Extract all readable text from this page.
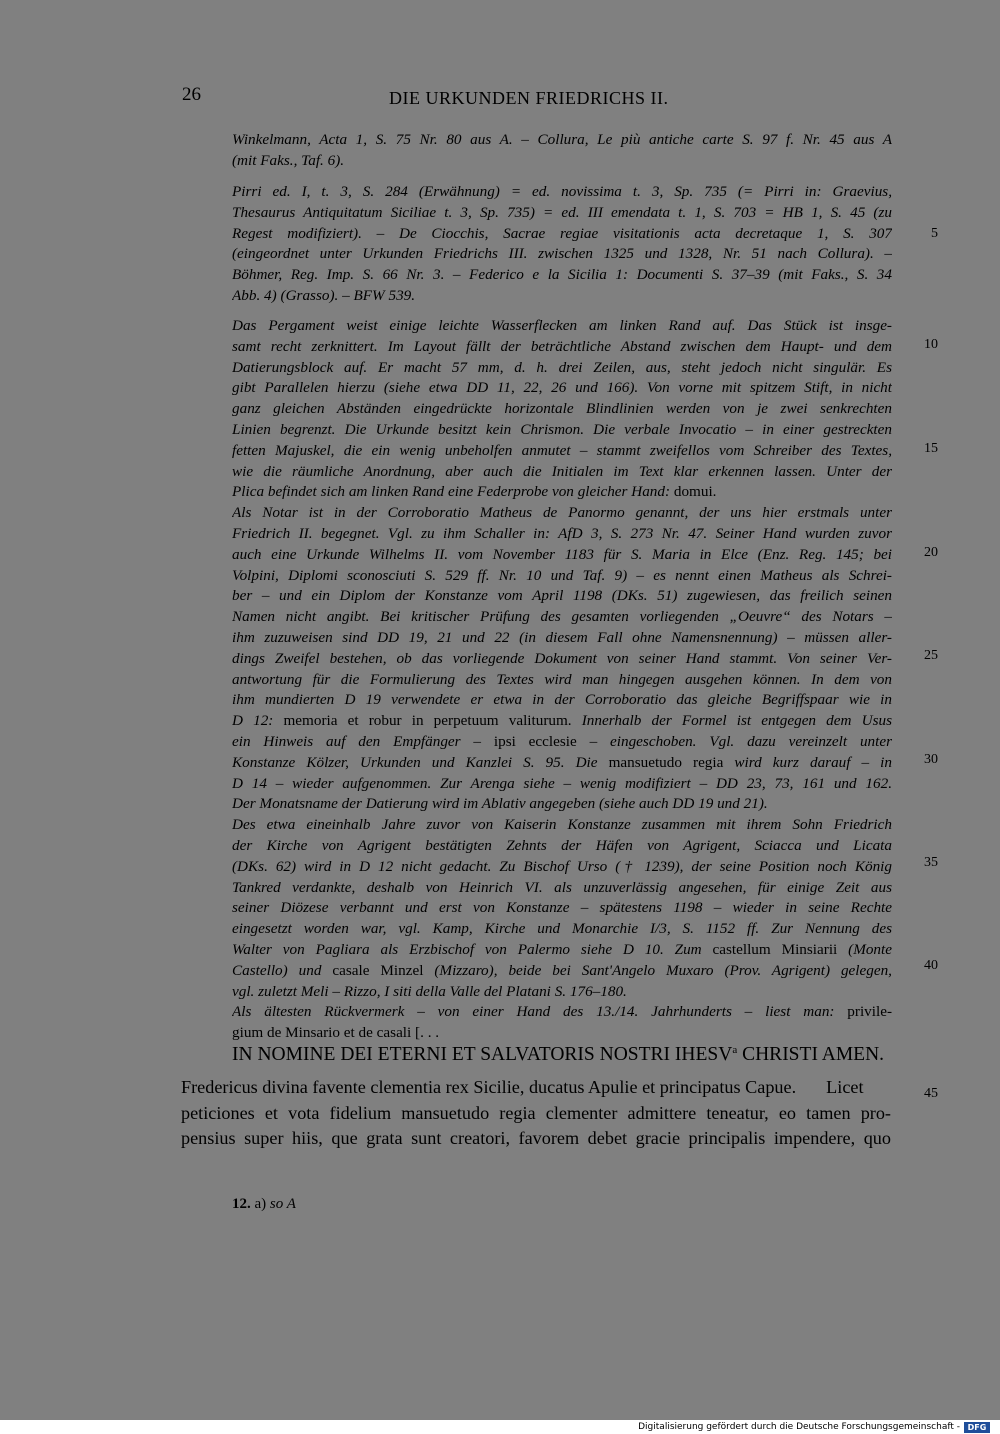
26	DIE URKUNDEN FRIEDRICHS II.
Winkelmann, Acta 1, S. 75 Nr. 80 aus A. – Collura, Le più antiche carte S. 97 f. Nr. 45 aus A
(mit Faks., Taf. 6).
Pirri ed. I, t. 3, S. 284 (Erwähnung) = ed. novissima t. 3, Sp. 735 (= Pirri in: Graevius,
Thesaurus Antiquitatum Siciliae t. 3, Sp. 735) = ed. III emendata t. 1, S. 703 = HB 1, S. 45 (zu
Regest modifiziert). – De Ciocchis, Sacrae regiae visitationis acta decretaque 1, S. 307
(eingeordnet unter Urkunden Friedrichs III. zwischen 1325 und 1328, Nr. 51 nach Collura). –
Böhmer, Reg. Imp. S. 66 Nr. 3. – Federico e la Sicilia 1: Documenti S. 37–39 (mit Faks., S. 34
Abb. 4) (Grasso). – BFW 539.
Das Pergament weist einige leichte Wasserflecken am linken Rand auf. Das Stück ist insge-
samt recht zerknittert. Im Layout fällt der beträchtliche Abstand zwischen dem Haupt- und dem
Datierungsblock auf. Er macht 57 mm, d. h. drei Zeilen, aus, steht jedoch nicht singulär. Es
gibt Parallelen hierzu (siehe etwa DD 11, 22, 26 und 166). Von vorne mit spitzem Stift, in nicht
ganz gleichen Abständen eingedrückte horizontale Blindlinien werden von je zwei senkrechten
Linien begrenzt. Die Urkunde besitzt kein Chrismon. Die verbale Invocatio – in einer gestreckten
fetten Majuskel, die ein wenig unbeholfen anmutet – stammt zweifellos vom Schreiber des Textes,
wie die räumliche Anordnung, aber auch die Initialen im Text klar erkennen lassen. Unter der
Plica befindet sich am linken Rand eine Federprobe von gleicher Hand: domui.
Als Notar ist in der Corroboratio Matheus de Panormo genannt, der uns hier erstmals unter
Friedrich II. begegnet. Vgl. zu ihm Schaller in: AfD 3, S. 273 Nr. 47. Seiner Hand wurden zuvor
auch eine Urkunde Wilhelms II. vom November 1183 für S. Maria in Elce (Enz. Reg. 145; bei
Volpini, Diplomi sconosciuti S. 529 ff. Nr. 10 und Taf. 9) – es nennt einen Matheus als Schrei-
ber – und ein Diplom der Konstanze vom April 1198 (DKs. 51) zugewiesen, das freilich seinen
Namen nicht angibt. Bei kritischer Prüfung des gesamten vorliegenden „Oeuvre“ des Notars –
ihm zuzuweisen sind DD 19, 21 und 22 (in diesem Fall ohne Namensnennung) – müssen aller-
dings Zweifel bestehen, ob das vorliegende Dokument von seiner Hand stammt. Von seiner Ver-
antwortung für die Formulierung des Textes wird man hingegen ausgehen können. In dem von
ihm mundierten D 19 verwendete er etwa in der Corroboratio das gleiche Begriffspaar wie in
D 12: memoria et robur in perpetuum valiturum. Innerhalb der Formel ist entgegen dem Usus
ein Hinweis auf den Empfänger – ipsi ecclesie – eingeschoben. Vgl. dazu vereinzelt unter
Konstanze Kölzer, Urkunden und Kanzlei S. 95. Die mansuetudo regia wird kurz darauf – in
D 14 – wieder aufgenommen. Zur Arenga siehe – wenig modifiziert – DD 23, 73, 161 und 162.
Der Monatsname der Datierung wird im Ablativ angegeben (siehe auch DD 19 und 21).
Des etwa eineinhalb Jahre zuvor von Kaiserin Konstanze zusammen mit ihrem Sohn Friedrich
der Kirche von Agrigent bestätigten Zehnts der Häfen von Agrigent, Sciacca und Licata
(DKs. 62) wird in D 12 nicht gedacht. Zu Bischof Urso († 1239), der seine Position noch König
Tankred verdankte, deshalb von Heinrich VI. als unzuverlässig angesehen, für einige Zeit aus
seiner Diözese verbannt und erst von Konstanze – spätestens 1198 – wieder in seine Rechte
eingesetzt worden war, vgl. Kamp, Kirche und Monarchie I/3, S. 1152 ff. Zur Nennung des
Walter von Pagliara als Erzbischof von Palermo siehe D 10. Zum castellum Minsiarii (Monte
Castello) und casale Minzel (Mizzaro), beide bei Sant'Angelo Muxaro (Prov. Agrigent) gelegen,
vgl. zuletzt Meli – Rizzo, I siti della Valle del Platani S. 176–180.
Als ältesten Rückvermerk – von einer Hand des 13./14. Jahrhunderts – liest man: privile-
gium de Minsario et de casali [. . .
5
10
15
20
25
30
35
40
45
IN NOMINE DEI ETERNI ET SALVATORIS NOSTRI IHESV$^a$ CHRISTI AMEN.
Fredericus divina favente clementia rex Sicilie, ducatus Apulie et principatus Capue. Licet
peticiones et vota fidelium mansuetudo regia clementer admittere teneatur, eo tamen pro-
pensius super hiis, que grata sunt creatori, favorem debet gracie principalis impendere, quo
12. a) so A
Digitalisierung gefördert durch die Deutsche Forschungsgemeinschaft - DFG
